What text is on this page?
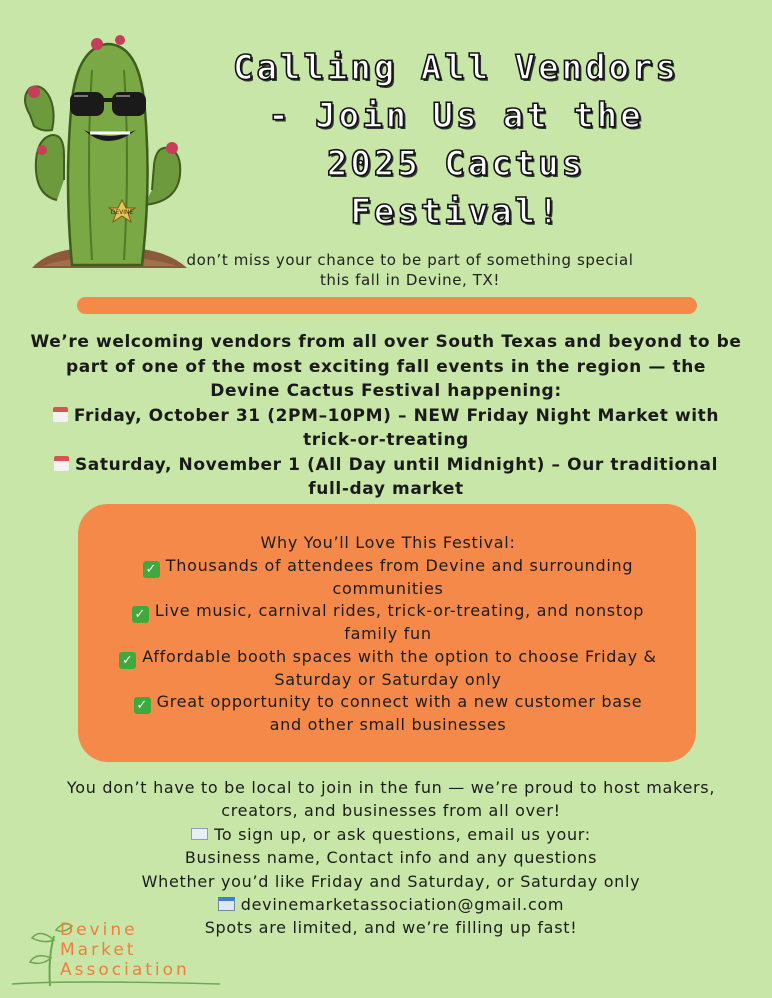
DEVINE
Calling All Vendors
- Join Us at the
2025 Cactus
Festival!
don’t miss your chance to be part of something special
this fall in Devine, TX!
We’re welcoming vendors from all over South Texas and beyond to be
part of one of the most exciting fall events in the region — the
Devine Cactus Festival happening:
Friday, October 31 (2PM–10PM) – NEW Friday Night Market with
trick-or-treating
Saturday, November 1 (All Day until Midnight) – Our traditional
full-day market
Why You’ll Love This Festival:
✓ Thousands of attendees from Devine and surrounding
communities
✓ Live music, carnival rides, trick-or-treating, and nonstop
family fun
✓ Affordable booth spaces with the option to choose Friday &
Saturday or Saturday only
✓ Great opportunity to connect with a new customer base
and other small businesses
You don’t have to be local to join in the fun — we’re proud to host makers,
creators, and businesses from all over!
To sign up, or ask questions, email us your:
Business name, Contact info and any questions
Whether you’d like Friday and Saturday, or Saturday only
devinemarketassociation@gmail.com
Spots are limited, and we’re filling up fast!
Devine
Market
Association
